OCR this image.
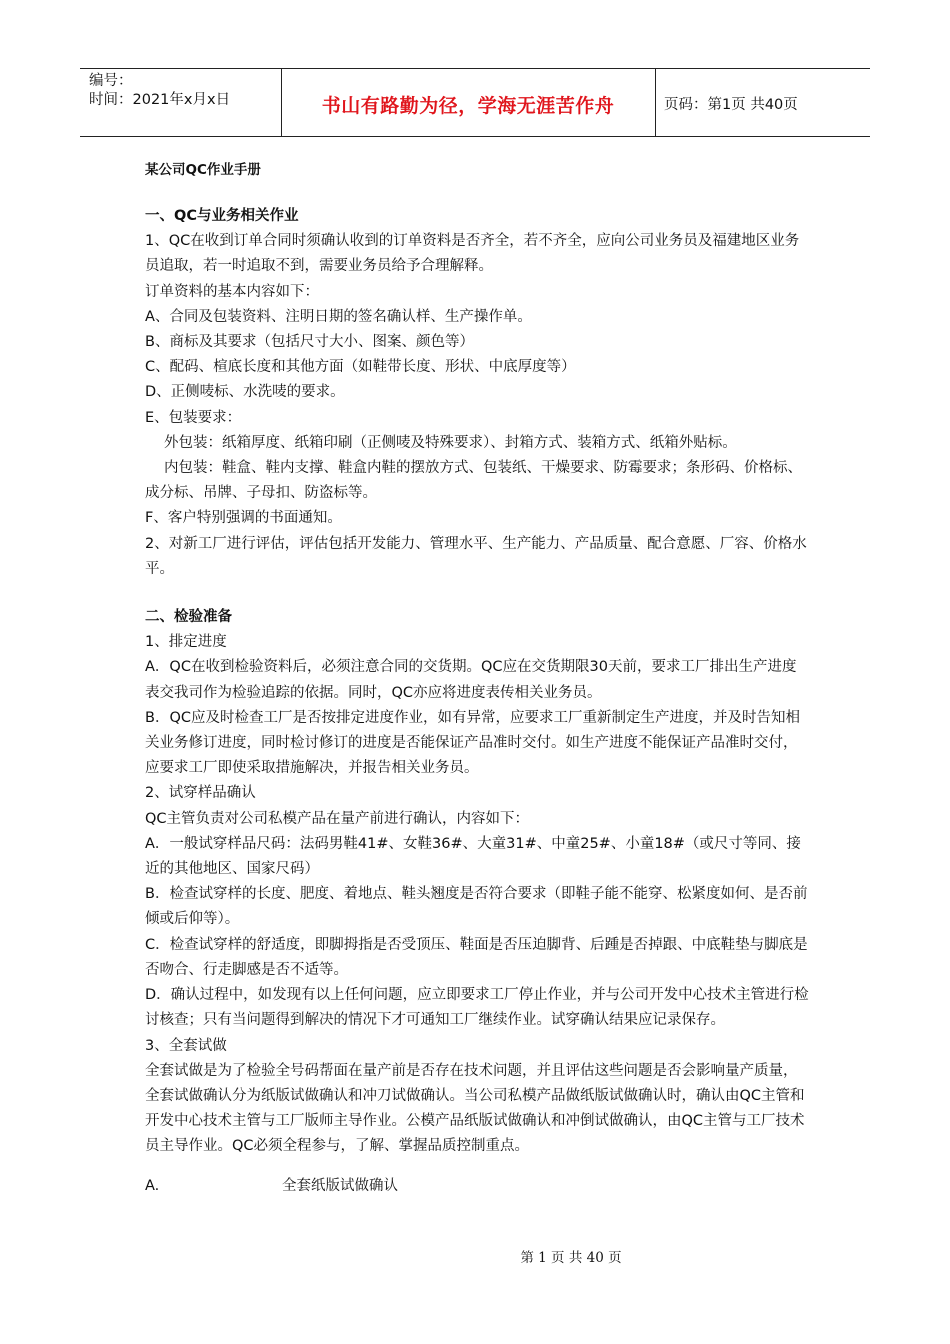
编号：
时间：2021年x月x日	书山有路勤为径，学海无涯苦作舟	页码：第1页 共40页

某公司QC作业手册

一、QC与业务相关作业

1、QC在收到订单合同时须确认收到的订单资料是否齐全，若不齐全，应向公司业务员及福建地区业务员追取，若一时追取不到，需要业务员给予合理解释。

订单资料的基本内容如下：

A、合同及包装资料、注明日期的签名确认样、生产操作单。

B、商标及其要求（包括尺寸大小、图案、颜色等）

C、配码、楦底长度和其他方面（如鞋带长度、形状、中底厚度等）

D、正侧唛标、水洗唛的要求。

E、包装要求：

外包装：纸箱厚度、纸箱印刷（正侧唛及特殊要求）、封箱方式、装箱方式、纸箱外贴标。

内包装：鞋盒、鞋内支撑、鞋盒内鞋的摆放方式、包装纸、干燥要求、防霉要求；条形码、价格标、成分标、吊牌、子母扣、防盗标等。

F、客户特别强调的书面通知。

2、对新工厂进行评估，评估包括开发能力、管理水平、生产能力、产品质量、配合意愿、厂容、价格水平。

二、检验准备

1、排定进度

A．QC在收到检验资料后，必须注意合同的交货期。QC应在交货期限30天前，要求工厂排出生产进度表交我司作为检验追踪的依据。同时，QC亦应将进度表传相关业务员。

B．QC应及时检查工厂是否按排定进度作业，如有异常，应要求工厂重新制定生产进度，并及时告知相关业务修订进度，同时检讨修订的进度是否能保证产品准时交付。如生产进度不能保证产品准时交付，应要求工厂即使采取措施解决，并报告相关业务员。

2、试穿样品确认

QC主管负责对公司私模产品在量产前进行确认，内容如下：

A．一般试穿样品尺码：法码男鞋41#、女鞋36#、大童31#、中童25#、小童18#（或尺寸等同、接近的其他地区、国家尺码）

B．检查试穿样的长度、肥度、着地点、鞋头翘度是否符合要求（即鞋子能不能穿、松紧度如何、是否前倾或后仰等）。

C．检查试穿样的舒适度，即脚拇指是否受顶压、鞋面是否压迫脚背、后踵是否掉跟、中底鞋垫与脚底是否吻合、行走脚感是否不适等。

D．确认过程中，如发现有以上任何问题，应立即要求工厂停止作业，并与公司开发中心技术主管进行检讨核查；只有当问题得到解决的情况下才可通知工厂继续作业。试穿确认结果应记录保存。

3、全套试做

全套试做是为了检验全号码帮面在量产前是否存在技术问题，并且评估这些问题是否会影响量产质量，全套试做确认分为纸版试做确认和冲刀试做确认。当公司私模产品做纸版试做确认时，确认由QC主管和开发中心技术主管与工厂版师主导作业。公模产品纸版试做确认和冲倒试做确认，由QC主管与工厂技术员主导作业。QC必须全程参与，了解、掌握品质控制重点。

A.	全套纸版试做确认

第 1 页 共 40 页
